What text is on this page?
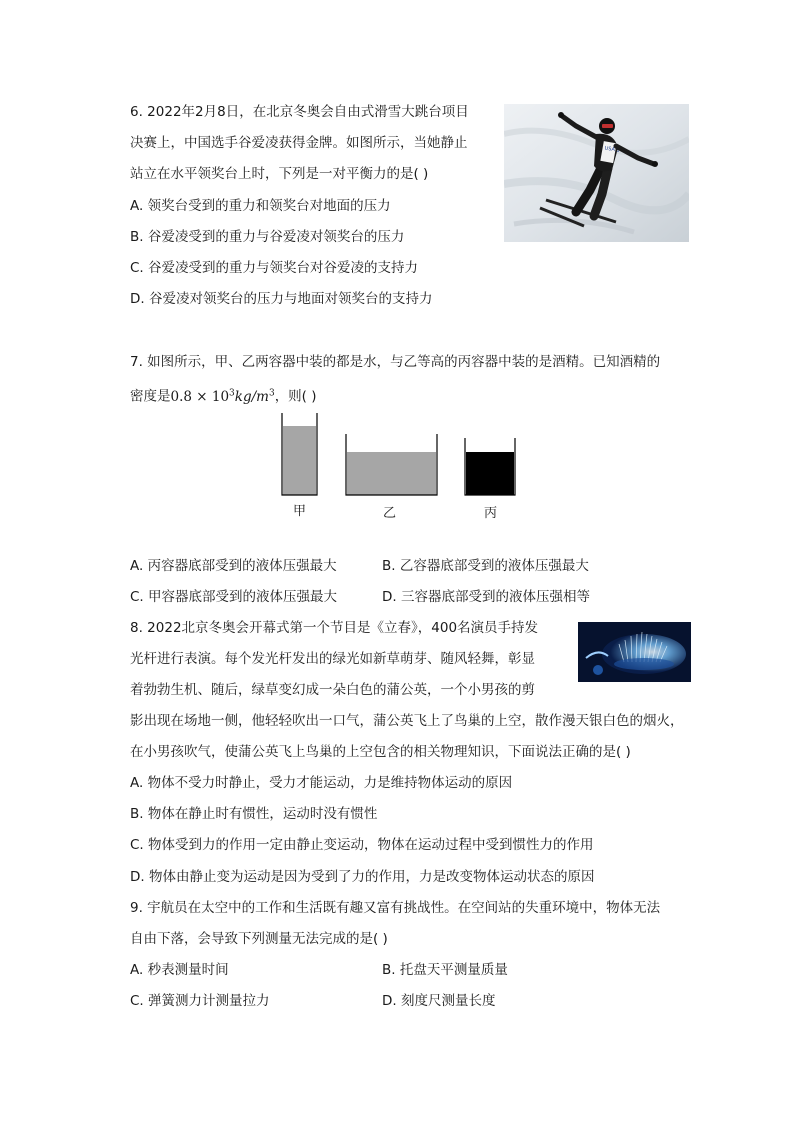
6. 2022年2月8日，在北京冬奥会自由式滑雪大跳台项目
决赛上，中国选手谷爱凌获得金牌。如图所示，当她静止
站立在水平领奖台上时，下列是一对平衡力的是( )
A. 领奖台受到的重力和领奖台对地面的压力
B. 谷爱凌受到的重力与谷爱凌对领奖台的压力
C. 谷爱凌受到的重力与领奖台对谷爱凌的支持力
D. 谷爱凌对领奖台的压力与地面对领奖台的支持力
USA 3
7. 如图所示，甲、乙两容器中装的都是水，与乙等高的丙容器中装的是酒精。已知酒精的
密度是$0.8 \times 10^3kg/m^3$，则( )
甲	乙	丙
A. 丙容器底部受到的液体压强最大	B. 乙容器底部受到的液体压强最大
C. 甲容器底部受到的液体压强最大	D. 三容器底部受到的液体压强相等
8. 2022北京冬奥会开幕式第一个节目是《立春》，400名演员手持发
光杆进行表演。每个发光杆发出的绿光如新草萌芽、随风轻舞，彰显
着勃勃生机、随后，绿草变幻成一朵白色的蒲公英，一个小男孩的剪
影出现在场地一侧，他轻轻吹出一口气，蒲公英飞上了鸟巢的上空，散作漫天银白色的烟火，
在小男孩吹气，使蒲公英飞上鸟巢的上空包含的相关物理知识，下面说法正确的是( )
A. 物体不受力时静止，受力才能运动，力是维持物体运动的原因
B. 物体在静止时有惯性，运动时没有惯性
C. 物体受到力的作用一定由静止变运动，物体在运动过程中受到惯性力的作用
D. 物体由静止变为运动是因为受到了力的作用，力是改变物体运动状态的原因
9. 宇航员在太空中的工作和生活既有趣又富有挑战性。在空间站的失重环境中，物体无法
自由下落，会导致下列测量无法完成的是( )
A. 秒表测量时间	B. 托盘天平测量质量
C. 弹簧测力计测量拉力	D. 刻度尺测量长度
